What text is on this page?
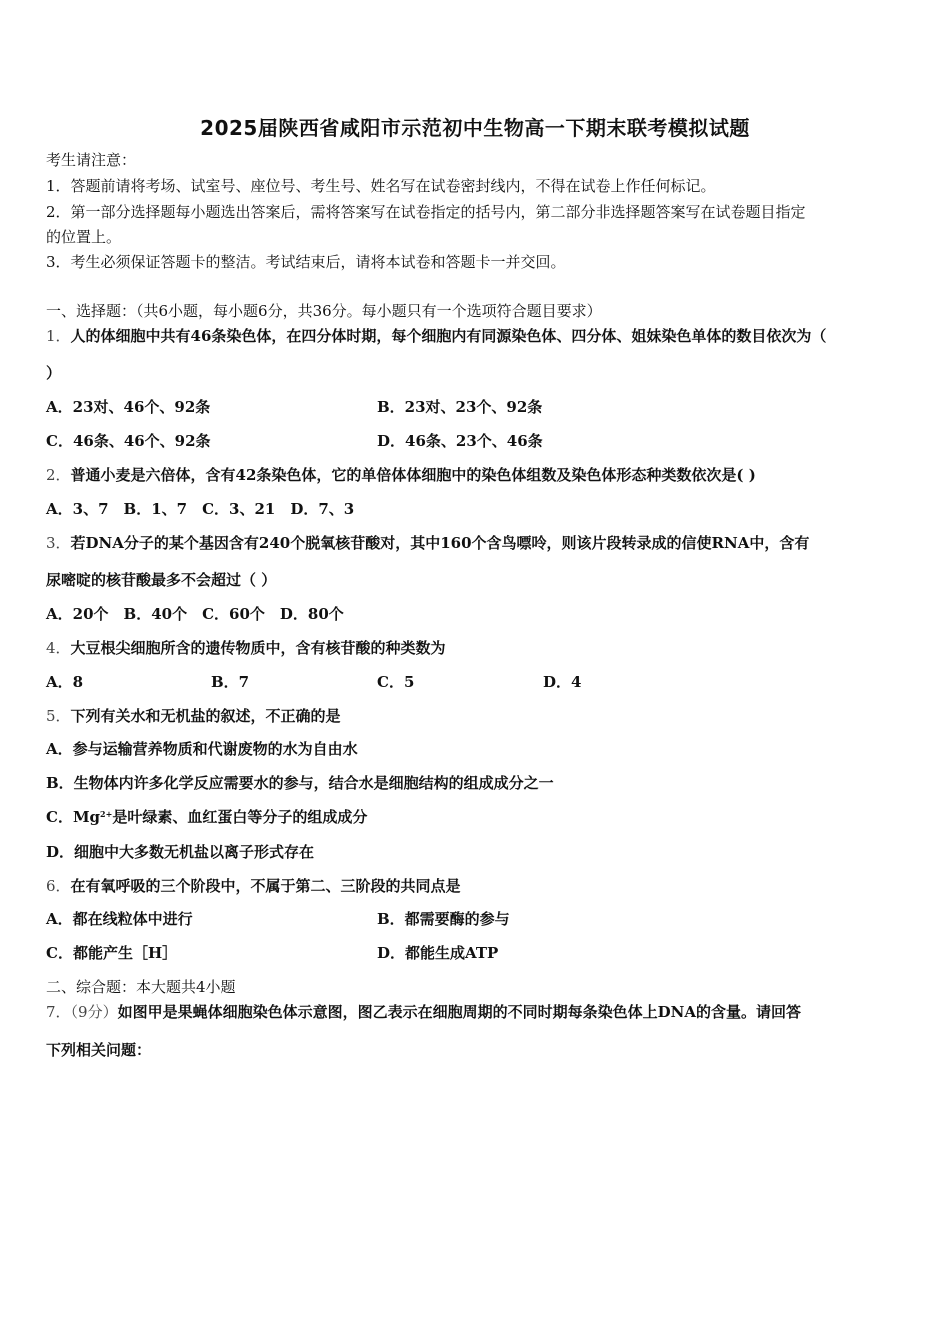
2025届陕西省咸阳市示范初中生物高一下期末联考模拟试题
考生请注意：
1．答题前请将考场、试室号、座位号、考生号、姓名写在试卷密封线内，不得在试卷上作任何标记。
2．第一部分选择题每小题选出答案后，需将答案写在试卷指定的括号内，第二部分非选择题答案写在试卷题目指定
的位置上。
3．考生必须保证答题卡的整洁。考试结束后，请将本试卷和答题卡一并交回。
一、选择题：（共6小题，每小题6分，共36分。每小题只有一个选项符合题目要求）
1．人的体细胞中共有46条染色体，在四分体时期，每个细胞内有同源染色体、四分体、姐妹染色单体的数目依次为（
）
A．23对、46个、92条	B．23对、23个、92条
C．46条、46个、92条	D．46条、23个、46条
2．普通小麦是六倍体，含有42条染色体，它的单倍体体细胞中的染色体组数及染色体形态种类数依次是( )
A．3、7　B．1、7　C．3、21　D．7、3
3．若DNA分子的某个基因含有240个脱氧核苷酸对，其中160个含鸟嘌呤，则该片段转录成的信使RNA中，含有
尿嘧啶的核苷酸最多不会超过（ ）
A．20个　B．40个　C．60个　D．80个
4．大豆根尖细胞所含的遗传物质中，含有核苷酸的种类数为
A．8	B．7	C．5	D．4
5．下列有关水和无机盐的叙述，不正确的是
A．参与运输营养物质和代谢废物的水为自由水
B．生物体内许多化学反应需要水的参与，结合水是细胞结构的组成成分之一
C．$Mg^{2+}$是叶绿素、血红蛋白等分子的组成成分
D．细胞中大多数无机盐以离子形式存在
6．在有氧呼吸的三个阶段中，不属于第二、三阶段的共同点是
A．都在线粒体中进行	B．都需要酶的参与
C．都能产生［H］	D．都能生成ATP
二、综合题：本大题共4小题
7．（9分）如图甲是果蝇体细胞染色体示意图，图乙表示在细胞周期的不同时期每条染色体上DNA的含量。请回答
下列相关问题：
